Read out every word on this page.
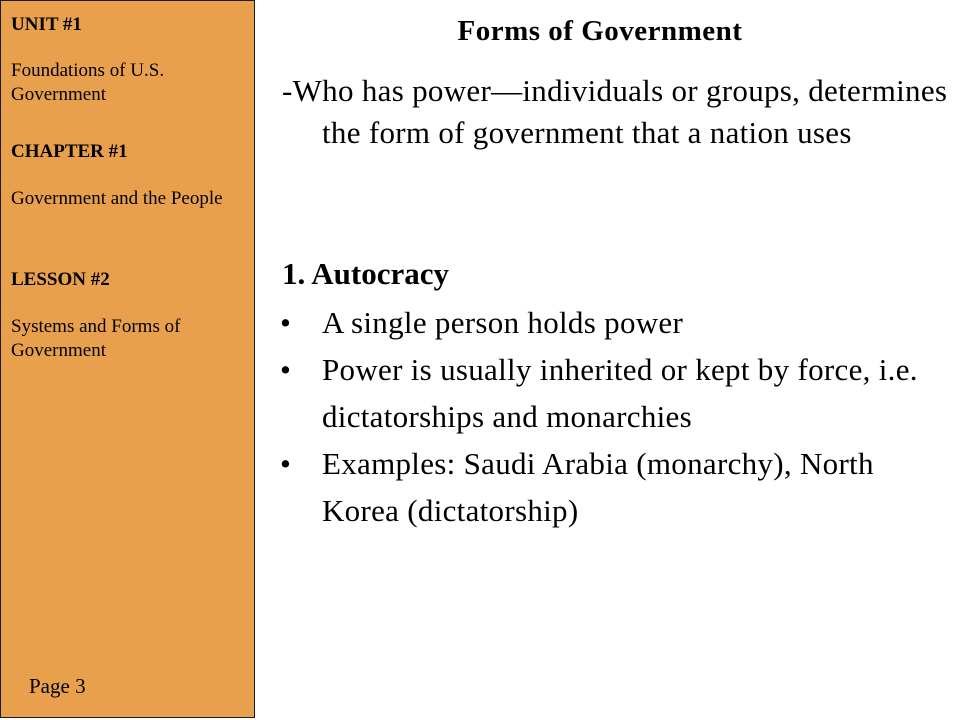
UNIT #1
Foundations of U.S. Government
CHAPTER #1
Government and the People
LESSON #2
Systems and Forms of Government
Page 3
Forms of Government
-Who has power—individuals or groups, determines the form of government that a nation uses
1. Autocracy
• A single person holds power
• Power is usually inherited or kept by force, i.e. dictatorships and monarchies
• Examples: Saudi Arabia (monarchy), North Korea (dictatorship)
